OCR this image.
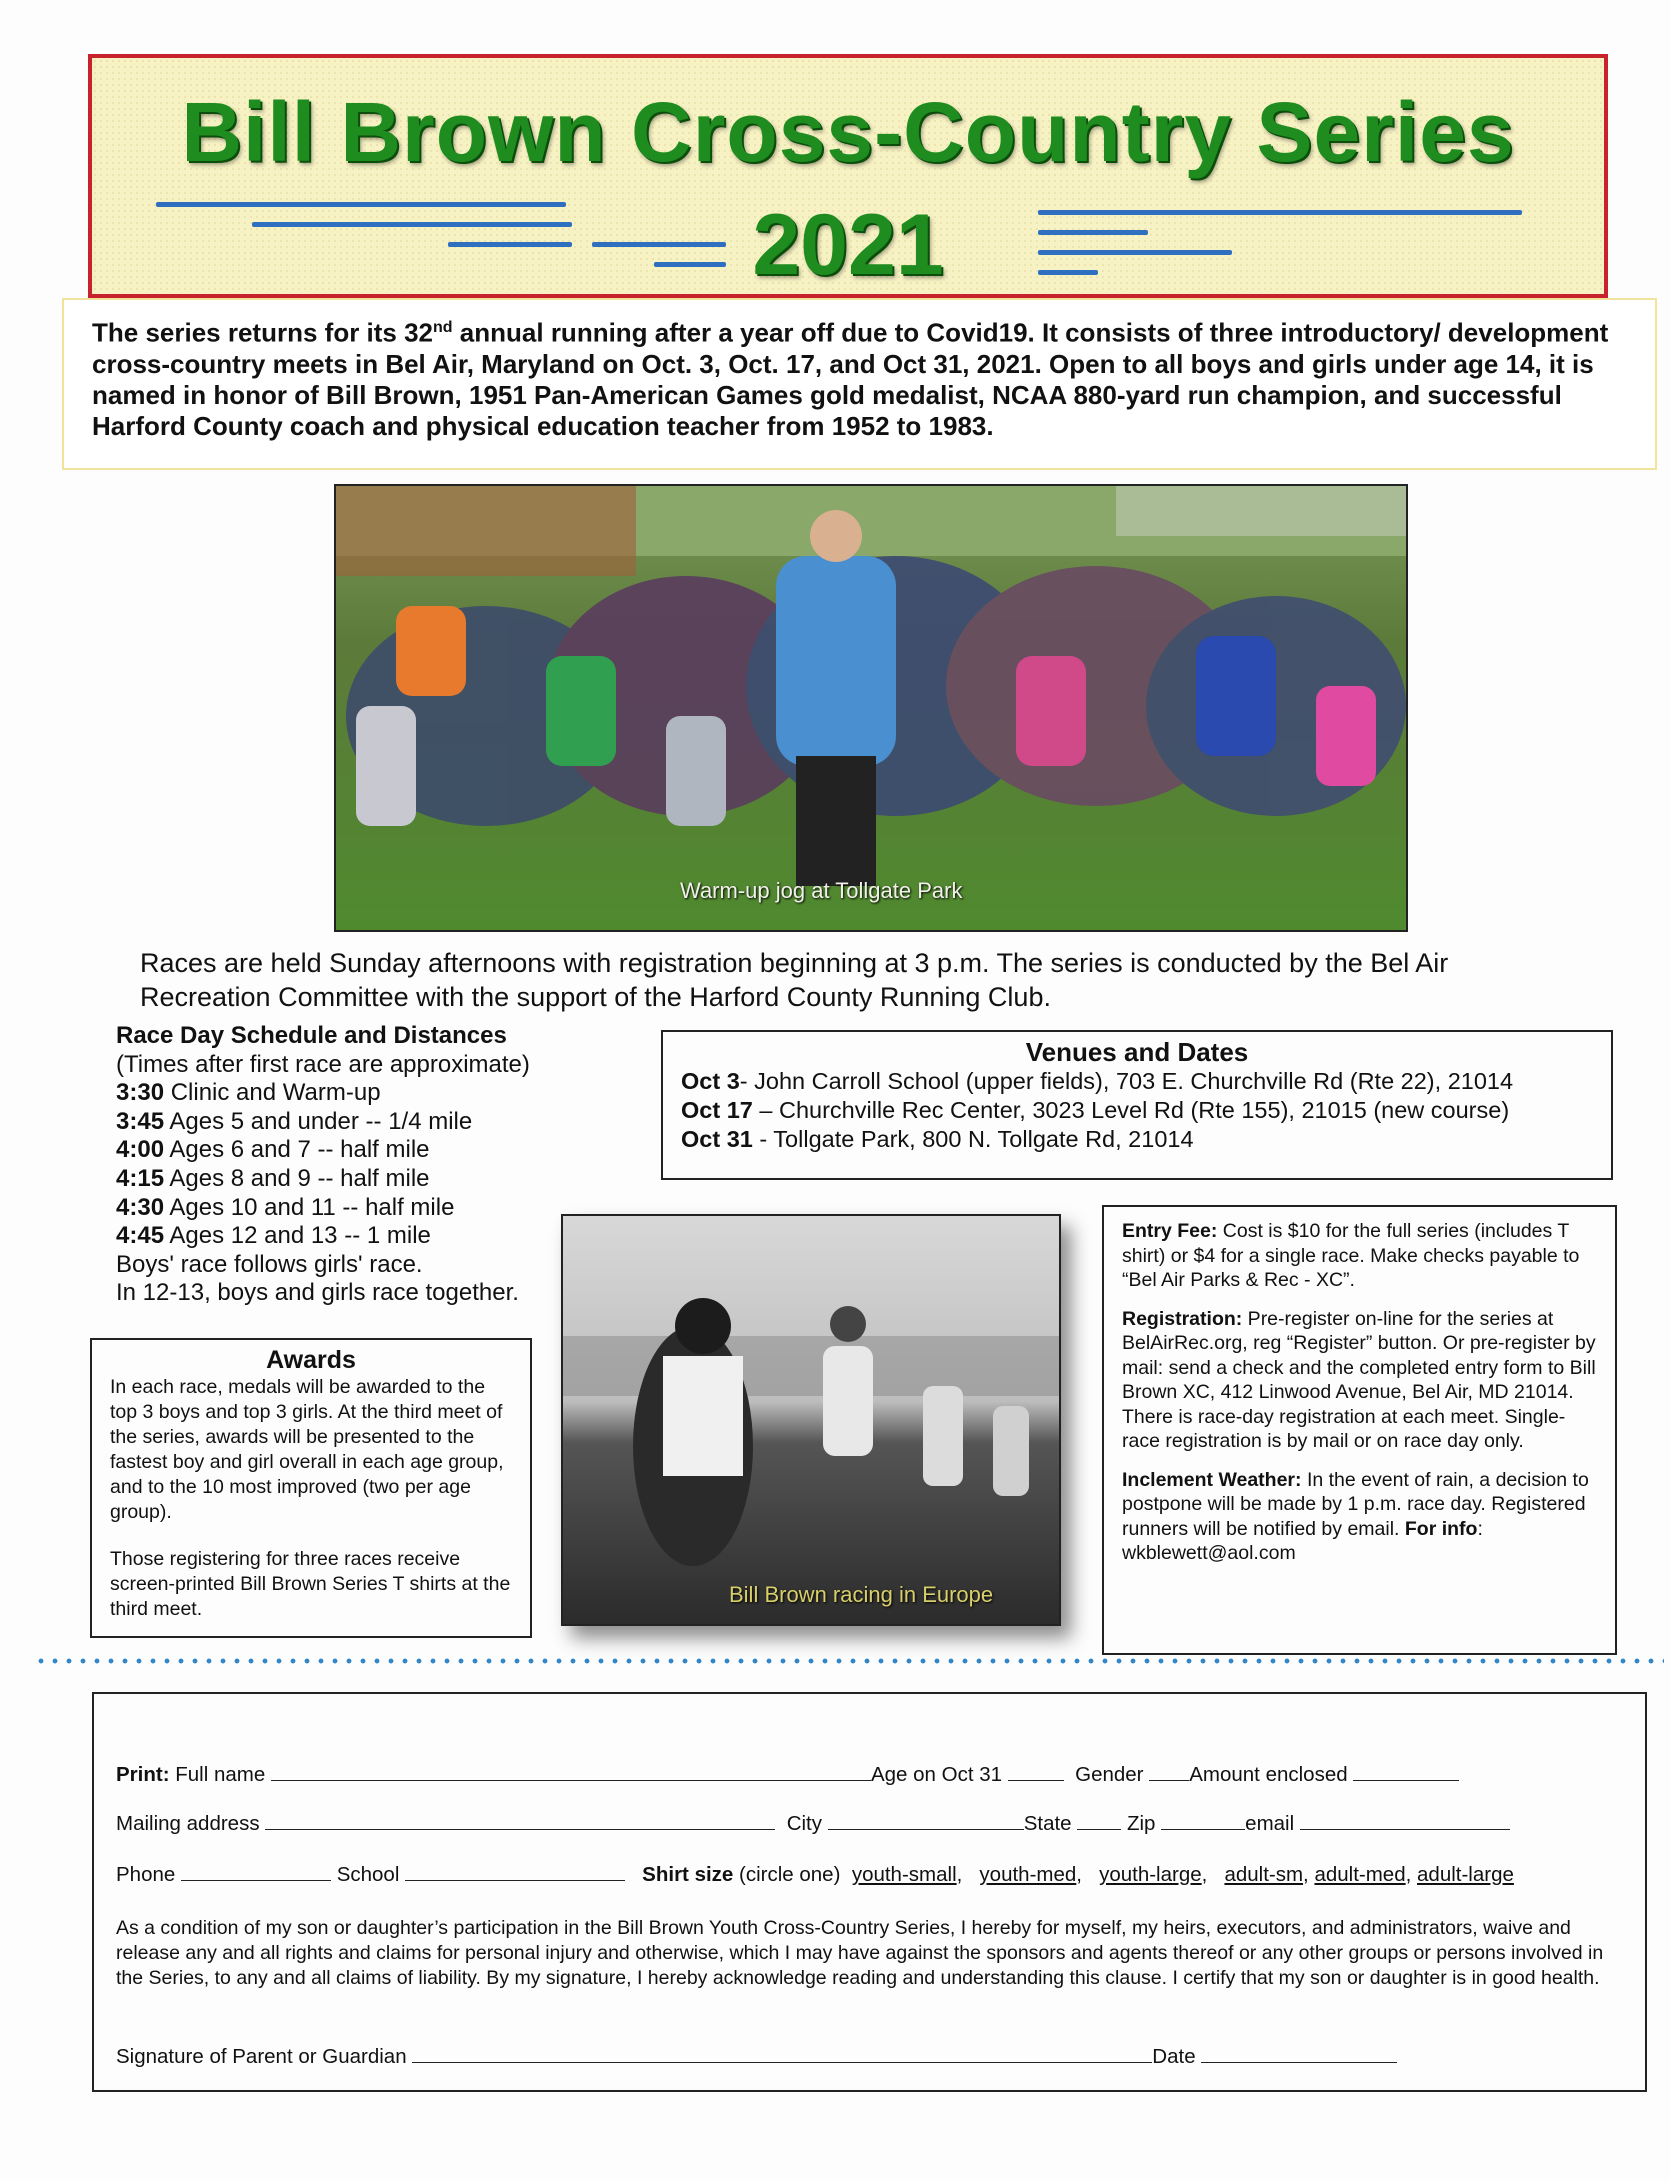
Bill Brown Cross-Country Series
2021
The series returns for its 32nd annual running after a year off due to Covid19. It consists of three introductory/ development cross-country meets in Bel Air, Maryland on Oct. 3, Oct. 17, and Oct 31, 2021. Open to all boys and girls under age 14, it is named in honor of Bill Brown, 1951 Pan-American Games gold medalist, NCAA 880-yard run champion, and successful Harford County coach and physical education teacher from 1952 to 1983.
Warm-up jog at Tollgate Park
Races are held Sunday afternoons with registration beginning at 3 p.m. The series is conducted by the Bel Air Recreation Committee with the support of the Harford County Running Club.
Race Day Schedule and Distances
(Times after first race are approximate)
3:30 Clinic and Warm-up
3:45 Ages 5 and under -- 1/4 mile
4:00 Ages 6 and 7 -- half mile
4:15 Ages 8 and 9 -- half mile
4:30 Ages 10 and 11 -- half mile
4:45 Ages 12 and 13 -- 1 mile
Boys' race follows girls' race.
In 12-13, boys and girls race together.
Venues and Dates
Oct 3- John Carroll School (upper fields), 703 E. Churchville Rd (Rte 22), 21014
Oct 17 – Churchville Rec Center, 3023 Level Rd (Rte 155), 21015 (new course)
Oct 31 - Tollgate Park, 800 N. Tollgate Rd, 21014
Awards
In each race, medals will be awarded to the top 3 boys and top 3 girls. At the third meet of the series, awards will be presented to the fastest boy and girl overall in each age group, and to the 10 most improved (two per age group).
Those registering for three races receive screen-printed Bill Brown Series T shirts at the third meet.
Bill Brown racing in Europe

Entry Fee: Cost is $10 for the full series (includes T shirt) or $4 for a single race. Make checks payable to “Bel Air Parks & Rec - XC”.

Registration: Pre-register on-line for the series at BelAirRec.org, reg “Register” button. Or pre-register by mail: send a check and the completed entry form to Bill Brown XC, 412 Linwood Avenue, Bel Air, MD 21014. There is race-day registration at each meet. Single-race registration is by mail or on race day only.

Inclement Weather: In the event of rain, a decision to postpone will be made by 1 p.m. race day. Registered runners will be notified by email. For info: wkblewett@aol.com

Print: Full name	Age on Oct 31	Gender Amount enclosed
Mailing address	City	State	Zip	email
Phone	School	Shirt size (circle one) youth-small,   youth-med,   youth-large,   adult-sm, adult-med, adult-large
As a condition of my son or daughter’s participation in the Bill Brown Youth Cross-Country Series, I hereby for myself, my heirs, executors, and administrators, waive and release any and all rights and claims for personal injury and otherwise, which I may have against the sponsors and agents thereof or any other groups or persons involved in the Series, to any and all claims of liability. By my signature, I hereby acknowledge reading and understanding this clause. I certify that my son or daughter is in good health.
Signature of Parent or Guardian	Date
